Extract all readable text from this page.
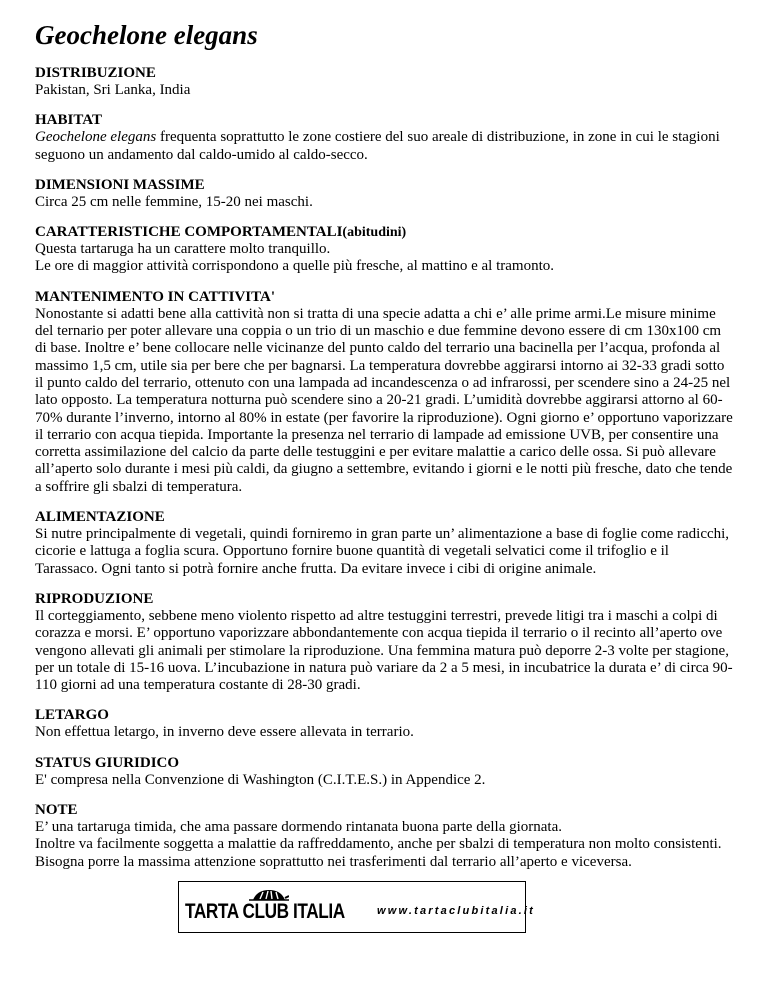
Geochelone elegans
DISTRIBUZIONE
Pakistan, Sri Lanka, India
HABITAT
Geochelone elegans frequenta soprattutto le zone costiere del suo areale di distribuzione, in zone in cui le stagioni seguono un andamento dal caldo-umido al caldo-secco.
DIMENSIONI MASSIME
Circa 25 cm nelle femmine, 15-20 nei maschi.
CARATTERISTICHE COMPORTAMENTALI(abitudini)
Questa tartaruga ha un carattere molto tranquillo.
Le ore di maggior attività corrispondono a quelle più fresche, al mattino e al tramonto.
MANTENIMENTO IN CATTIVITA'
Nonostante si adatti bene alla cattività non si tratta di una specie adatta a chi e’ alle prime armi.Le misure minime del ternario per poter allevare una coppia o un trio di un maschio e due femmine devono essere di cm 130x100 cm di base. Inoltre e’ bene collocare nelle vicinanze del punto caldo del terrario una bacinella per l’acqua, profonda al massimo 1,5 cm, utile sia per bere che per bagnarsi. La temperatura dovrebbe aggirarsi intorno ai 32-33 gradi sotto il punto caldo del terrario, ottenuto con una lampada ad incandescenza o ad infrarossi, per scendere sino a 24-25 nel lato opposto. La temperatura notturna può scendere sino a 20-21 gradi. L’umidità dovrebbe aggirarsi attorno al 60-70% durante l’inverno, intorno al 80% in estate (per favorire la riproduzione). Ogni giorno e’ opportuno vaporizzare il terrario con acqua tiepida. Importante la presenza nel terrario di lampade ad emissione UVB, per consentire una corretta assimilazione del calcio da parte delle testuggini e per evitare malattie a carico delle ossa. Si può allevare all’aperto solo durante i mesi più caldi, da giugno a settembre, evitando i giorni e le notti più fresche, dato che tende a soffrire gli sbalzi di temperatura.
ALIMENTAZIONE
Si nutre principalmente di vegetali, quindi forniremo in gran parte un’ alimentazione a base di foglie come radicchi, cicorie e lattuga a foglia scura. Opportuno fornire buone quantità di vegetali selvatici come il trifoglio e il Tarassaco. Ogni tanto si potrà fornire anche frutta. Da evitare invece i cibi di origine animale.
RIPRODUZIONE
Il corteggiamento, sebbene meno violento rispetto ad altre testuggini terrestri, prevede litigi tra i maschi a colpi di corazza e morsi. E’ opportuno vaporizzare abbondantemente con acqua tiepida il terrario o il recinto all’aperto ove vengono allevati gli animali per stimolare la riproduzione. Una femmina matura può deporre 2-3 volte per stagione, per un totale di 15-16 uova. L’incubazione in natura può variare da 2 a 5 mesi, in incubatrice la durata e’ di circa 90-110 giorni ad una temperatura costante di 28-30 gradi.
LETARGO
Non effettua letargo, in inverno deve essere allevata in terrario.
STATUS GIURIDICO
E' compresa nella Convenzione di Washington (C.I.T.E.S.) in Appendice 2.
NOTE
E’ una tartaruga timida, che ama passare dormendo rintanata buona parte della giornata.
Inoltre va facilmente soggetta a malattie da raffreddamento, anche per sbalzi di temperatura non molto consistenti. Bisogna porre la massima attenzione soprattutto nei trasferimenti dal terrario all’aperto e viceversa.
TARTA CLUB ITALIA	www.tartaclubitalia.it
